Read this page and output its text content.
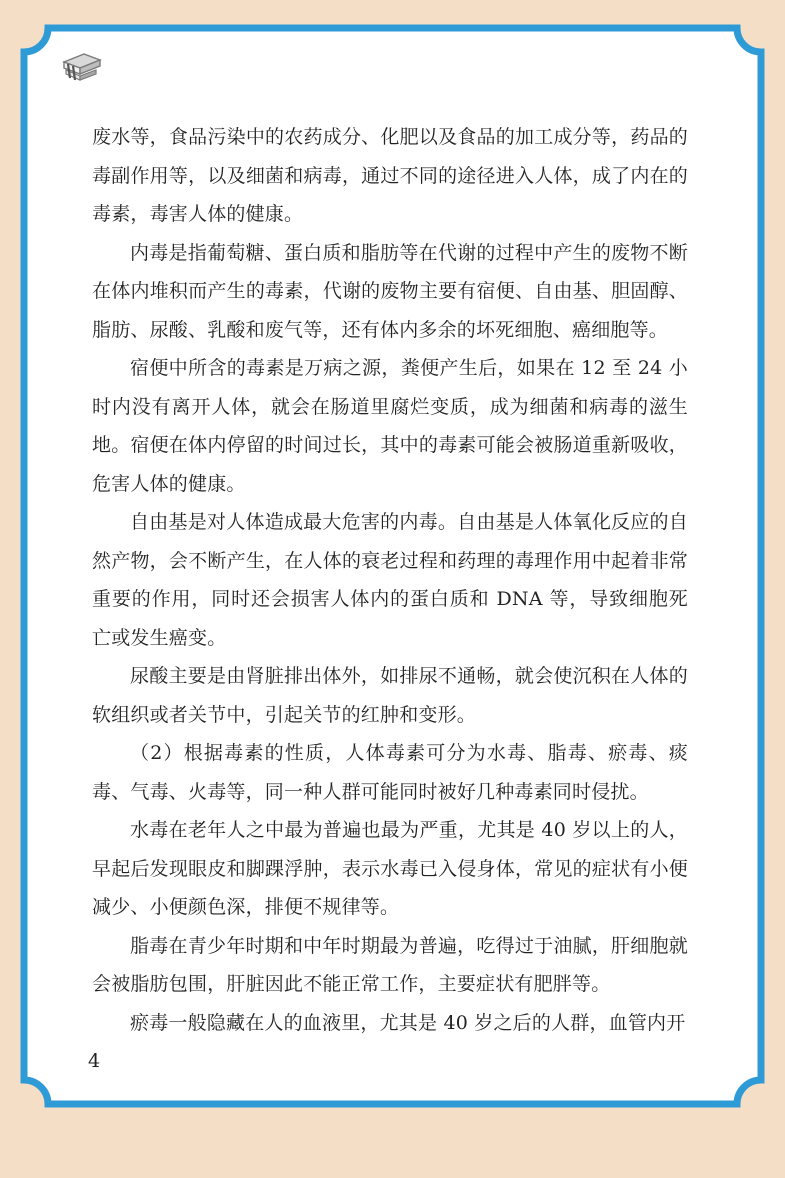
废水等，食品污染中的农药成分、化肥以及食品的加工成分等，药品的毒副作用等，以及细菌和病毒，通过不同的途径进入人体，成了内在的毒素，毒害人体的健康。

内毒是指葡萄糖、蛋白质和脂肪等在代谢的过程中产生的废物不断在体内堆积而产生的毒素，代谢的废物主要有宿便、自由基、胆固醇、脂肪、尿酸、乳酸和废气等，还有体内多余的坏死细胞、癌细胞等。

宿便中所含的毒素是万病之源，粪便产生后，如果在 12 至 24 小时内没有离开人体，就会在肠道里腐烂变质，成为细菌和病毒的滋生地。宿便在体内停留的时间过长，其中的毒素可能会被肠道重新吸收，危害人体的健康。

自由基是对人体造成最大危害的内毒。自由基是人体氧化反应的自然产物，会不断产生，在人体的衰老过程和药理的毒理作用中起着非常重要的作用，同时还会损害人体内的蛋白质和 DNA 等，导致细胞死亡或发生癌变。

尿酸主要是由肾脏排出体外，如排尿不通畅，就会使沉积在人体的软组织或者关节中，引起关节的红肿和变形。

（2）根据毒素的性质，人体毒素可分为水毒、脂毒、瘀毒、痰毒、气毒、火毒等，同一种人群可能同时被好几种毒素同时侵扰。

水毒在老年人之中最为普遍也最为严重，尤其是 40 岁以上的人，早起后发现眼皮和脚踝浮肿，表示水毒已入侵身体，常见的症状有小便减少、小便颜色深，排便不规律等。

脂毒在青少年时期和中年时期最为普遍，吃得过于油腻，肝细胞就会被脂肪包围，肝脏因此不能正常工作，主要症状有肥胖等。

瘀毒一般隐藏在人的血液里，尤其是 40 岁之后的人群，血管内开

4
